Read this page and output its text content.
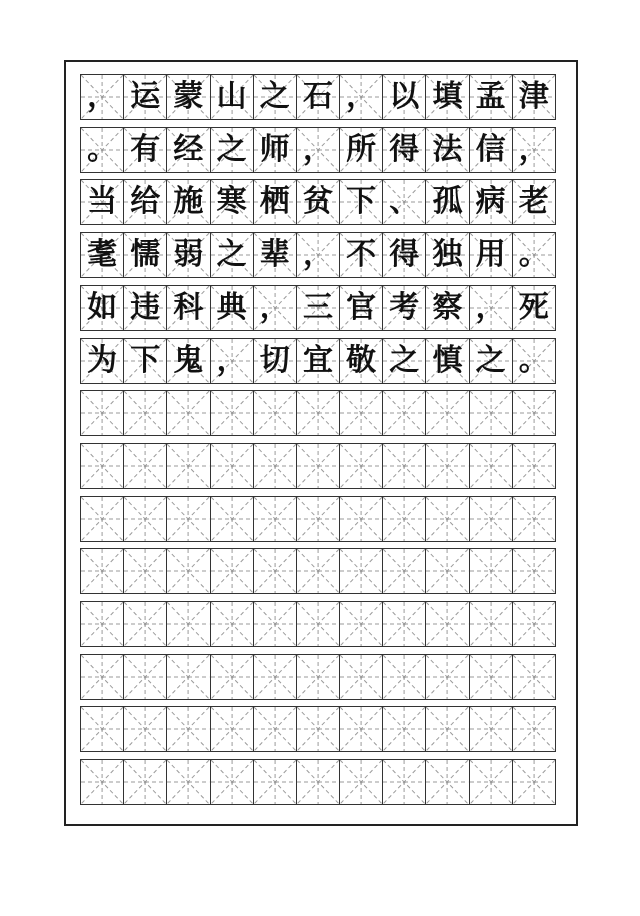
， 运 蒙 山 之 石 ， 以 填 孟 津
。 有 经 之 师 ， 所 得 法 信 ，
当 给 施 寒 栖 贫 下 、 孤 病 老
耄 懦 弱 之 辈 ， 不 得 独 用 。
如 违 科 典 ， 三 官 考 察 ， 死
为 下 鬼 ， 切 宜 敬 之 慎 之 。
